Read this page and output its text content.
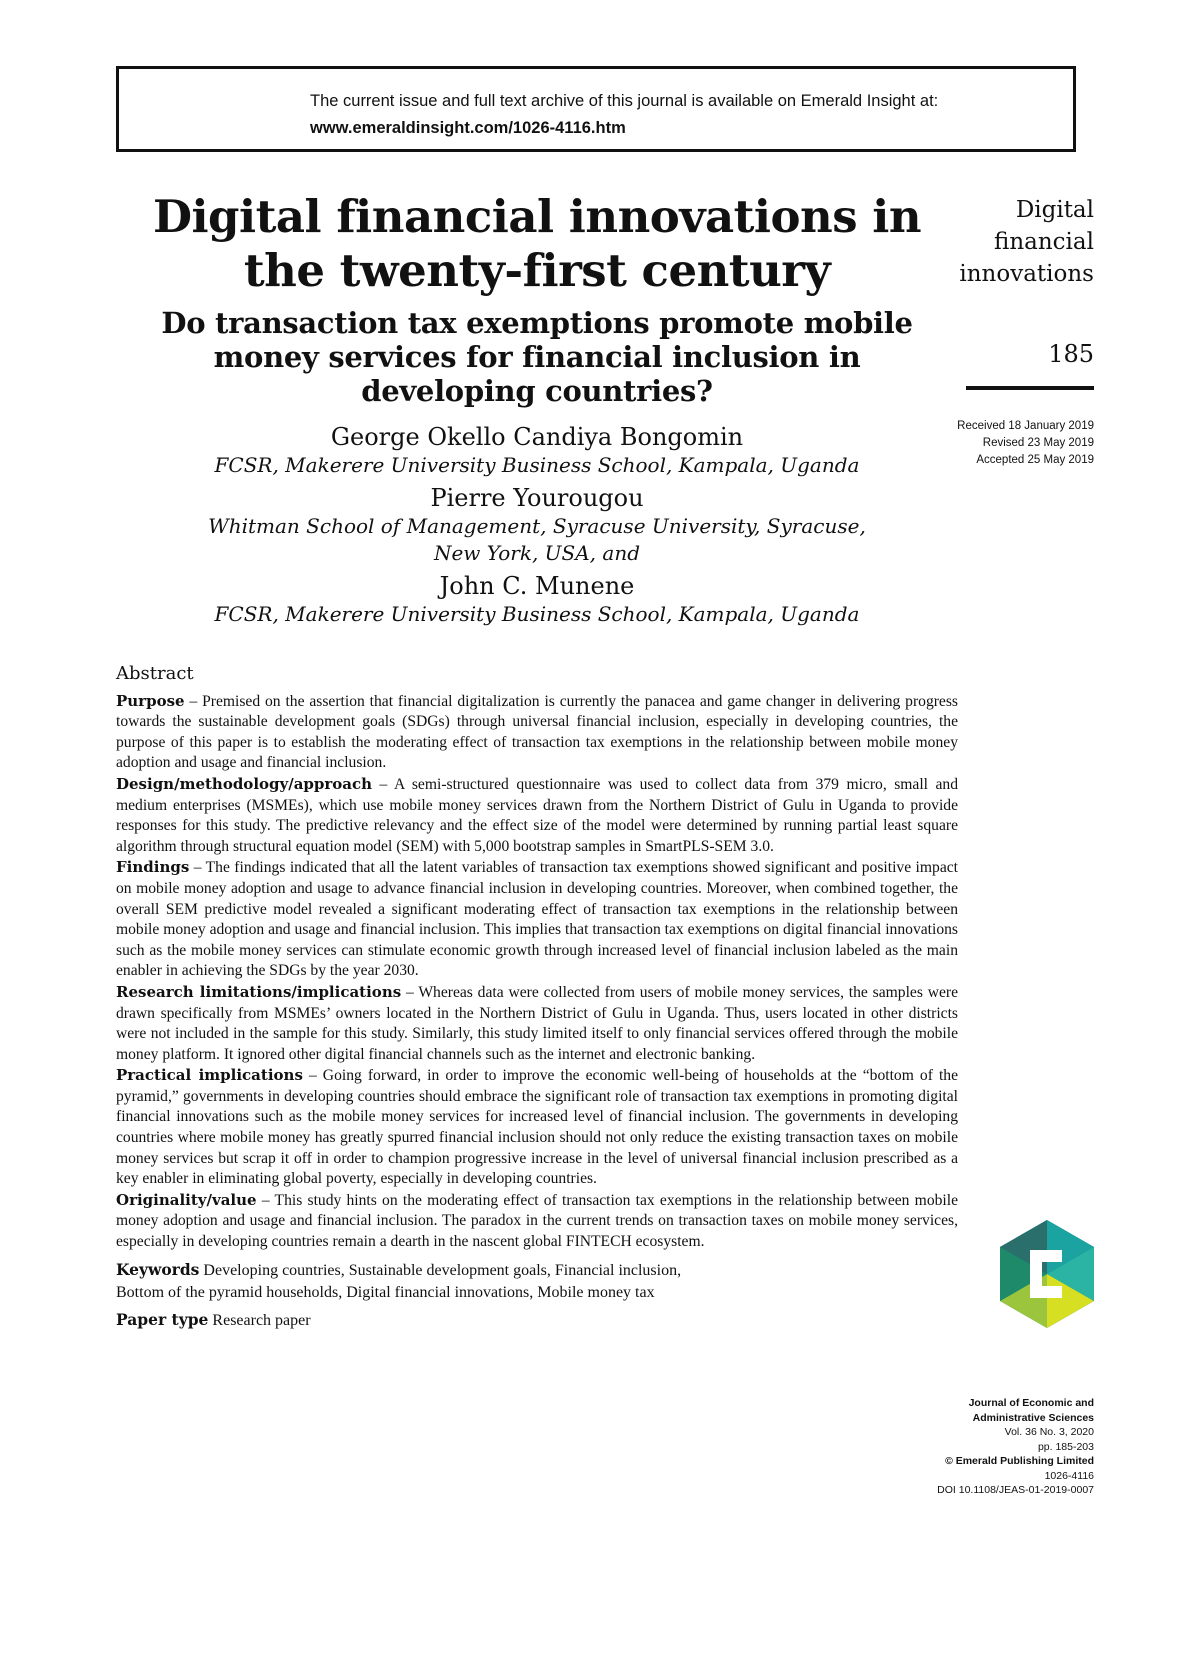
The current issue and full text archive of this journal is available on Emerald Insight at:
www.emeraldinsight.com/1026-4116.htm
Digital financial innovations in
the twenty-first century
Do transaction tax exemptions promote mobile
money services for financial inclusion in
developing countries?
George Okello Candiya Bongomin
FCSR, Makerere University Business School, Kampala, Uganda
Pierre Yourougou
Whitman School of Management, Syracuse University, Syracuse,
New York, USA, and
John C. Munene
FCSR, Makerere University Business School, Kampala, Uganda
Abstract

Purpose – Premised on the assertion that financial digitalization is currently the panacea and game changer in delivering progress towards the sustainable development goals (SDGs) through universal financial inclusion, especially in developing countries, the purpose of this paper is to establish the moderating effect of transaction tax exemptions in the relationship between mobile money adoption and usage and financial inclusion.

Design/methodology/approach – A semi-structured questionnaire was used to collect data from 379 micro, small and medium enterprises (MSMEs), which use mobile money services drawn from the Northern District of Gulu in Uganda to provide responses for this study. The predictive relevancy and the effect size of the model were determined by running partial least square algorithm through structural equation model (SEM) with 5,000 bootstrap samples in SmartPLS-SEM 3.0.

Findings – The findings indicated that all the latent variables of transaction tax exemptions showed significant and positive impact on mobile money adoption and usage to advance financial inclusion in developing countries. Moreover, when combined together, the overall SEM predictive model revealed a significant moderating effect of transaction tax exemptions in the relationship between mobile money adoption and usage and financial inclusion. This implies that transaction tax exemptions on digital financial innovations such as the mobile money services can stimulate economic growth through increased level of financial inclusion labeled as the main enabler in achieving the SDGs by the year 2030.

Research limitations/implications – Whereas data were collected from users of mobile money services, the samples were drawn specifically from MSMEs’ owners located in the Northern District of Gulu in Uganda. Thus, users located in other districts were not included in the sample for this study. Similarly, this study limited itself to only financial services offered through the mobile money platform. It ignored other digital financial channels such as the internet and electronic banking.

Practical implications – Going forward, in order to improve the economic well-being of households at the “bottom of the pyramid,” governments in developing countries should embrace the significant role of transaction tax exemptions in promoting digital financial innovations such as the mobile money services for increased level of financial inclusion. The governments in developing countries where mobile money has greatly spurred financial inclusion should not only reduce the existing transaction taxes on mobile money services but scrap it off in order to champion progressive increase in the level of universal financial inclusion prescribed as a key enabler in eliminating global poverty, especially in developing countries.

Originality/value – This study hints on the moderating effect of transaction tax exemptions in the relationship between mobile money adoption and usage and financial inclusion. The paradox in the current trends on transaction taxes on mobile money services, especially in developing countries remain a dearth in the nascent global FINTECH ecosystem.

Keywords Developing countries, Sustainable development goals, Financial inclusion,
Bottom of the pyramid households, Digital financial innovations, Mobile money tax
Paper type Research paper
Digital
financial
innovations
185
Received 18 January 2019
Revised 23 May 2019
Accepted 25 May 2019
Journal of Economic and
Administrative Sciences
Vol. 36 No. 3, 2020
pp. 185-203
© Emerald Publishing Limited
1026-4116
DOI 10.1108/JEAS-01-2019-0007
